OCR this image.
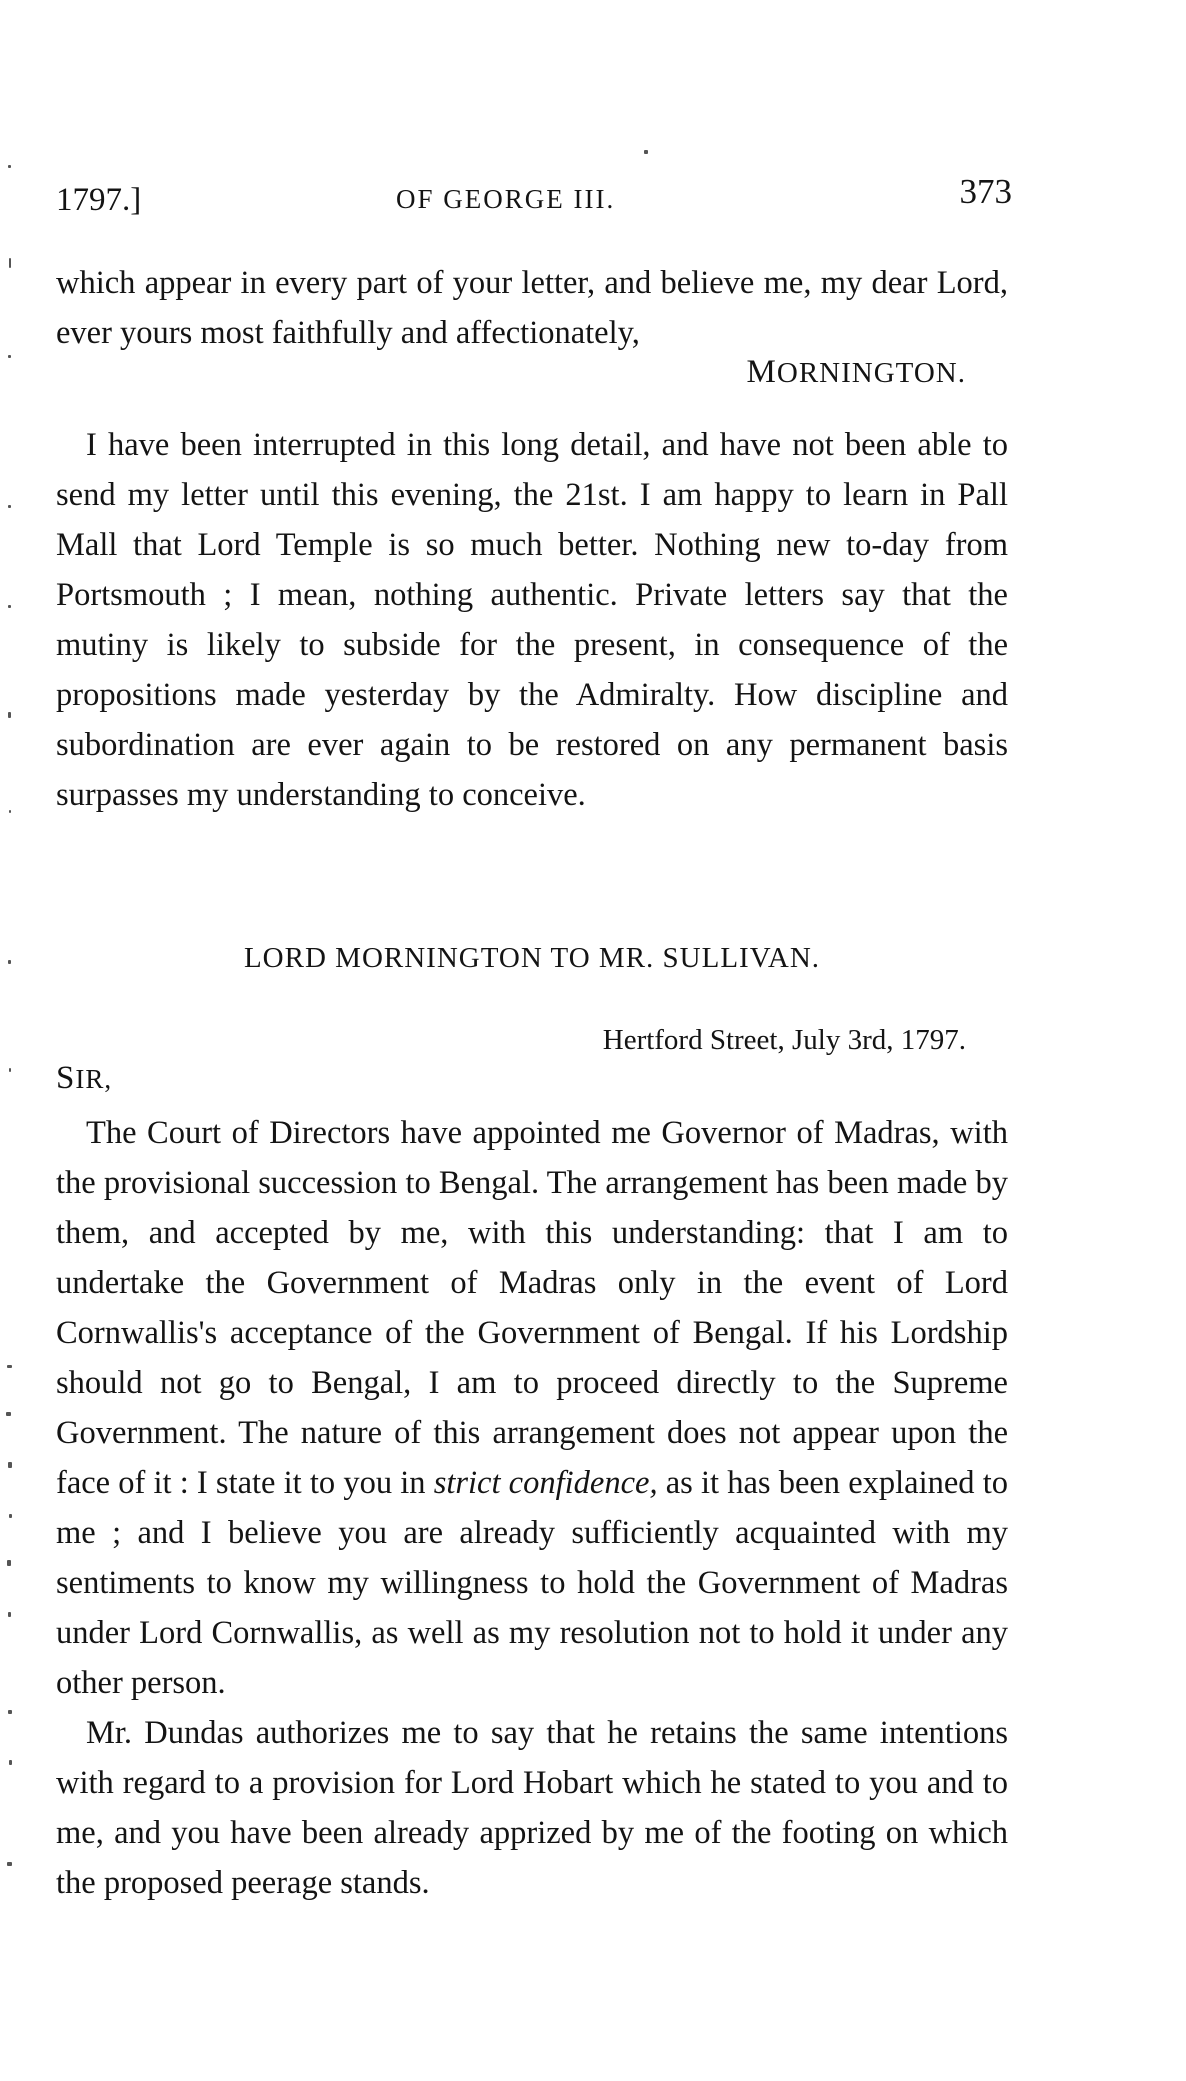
1797.]	OF GEORGE III.	373

which appear in every part of your letter, and believe me, my dear Lord, ever yours most faithfully and affectionately,

MORNINGTON.

I have been interrupted in this long detail, and have not been able to send my letter until this evening, the 21st. I am happy to learn in Pall Mall that Lord Temple is so much better. Nothing new to-day from Portsmouth ; I mean, nothing authentic. Private letters say that the mutiny is likely to subside for the present, in consequence of the propositions made yesterday by the Admiralty. How discipline and subordination are ever again to be restored on any permanent basis surpasses my understanding to conceive.

LORD MORNINGTON TO MR. SULLIVAN.
Hertford Street, July 3rd, 1797.
SIR,

The Court of Directors have appointed me Governor of Madras, with the provisional succession to Bengal. The arrangement has been made by them, and accepted by me, with this understanding: that I am to undertake the Government of Madras only in the event of Lord Cornwallis's acceptance of the Government of Bengal. If his Lordship should not go to Bengal, I am to proceed directly to the Supreme Government. The nature of this arrangement does not appear upon the face of it : I state it to you in strict confidence, as it has been explained to me ; and I believe you are already sufficiently acquainted with my sentiments to know my willingness to hold the Government of Madras under Lord Cornwallis, as well as my resolution not to hold it under any other person.

Mr. Dundas authorizes me to say that he retains the same intentions with regard to a provision for Lord Hobart which he stated to you and to me, and you have been already apprized by me of the footing on which the proposed peerage stands.
